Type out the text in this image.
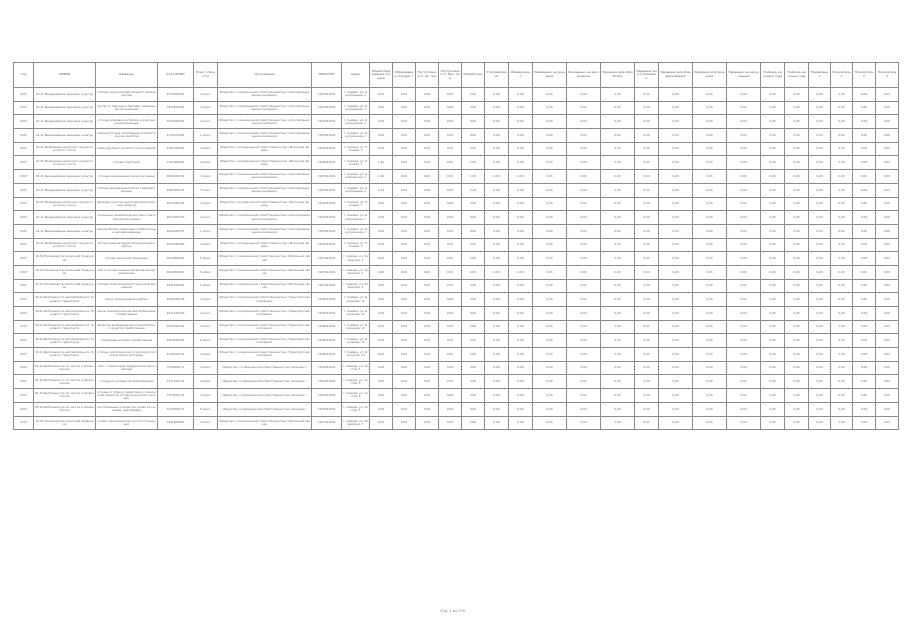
Год	ОКВЭД	Название	Код ОКТМО	Класс опасности	Организация	ИНН/ОГРН	Адрес	Объем образования отходов	Образование отходов, т	Поступление от др. лиц	Поступление от физ. лиц	Обработано	Утилизировано	Обезврежено	Размещено на хранение	Размещено на захоронение	Передано для обработки	Передано для утилизации	Передано для обезвреживания	Передано для хранения	Передано на захоронение	Наличие на начало года	Наличие на конец года	Примечание	Показатель 1	Показатель 2	Показатель 3
2017	01.11 Выращивание зерновых культур	отходы сельскохозяйственного производства	4715022001	4 класс	Общество с ограниченной ответственностью «Агропромышленная компания»	7415022001	г. Самара, ул. Центральная, 1	0,00	0,00	0,00	0,00	0,00	0,00	0,00	0,00	0,00	0,00	0,00	0,00	0,00	0,00	0,00	0,00	0,00	0,00	0,00	0,00
2017	01.11 Выращивание зерновых культур	мусор от офисных и бытовых помещений организаций	7420501001	4 класс	Общество с ограниченной ответственностью «Агропромышленная компания»	7415022001	г. Самара, ул. Центральная, 1	0,00	0,00	0,00	0,00	0,00	0,00	0,00	0,00	0,00	0,00	0,00	0,00	0,00	0,00	0,00	0,00	0,00	0,00	0,00	0,00
2017	01.11 Выращивание зерновых культур	отходы упаковки из бумаги и картона незагрязненные	7410910001	4 класс	Общество с ограниченной ответственностью «Агропромышленная компания»	7415022001	г. Самара, ул. Центральная, 1	0,00	0,00	0,00	0,00	0,00	0,00	0,00	0,00	0,00	0,00	0,00	0,00	0,00	0,00	0,00	0,00	0,00	0,00	0,00	0,00
2017	01.11 Выращивание зерновых культур	лампы ртутные утратившие потребительские свойства	4710101001	1 класс	Общество с ограниченной ответственностью «Агропромышленная компания»	7415022001	г. Самара, ул. Центральная, 1	0,00	0,00	0,00	0,00	0,00	0,00	0,00	0,00	0,00	0,00	0,00	0,00	0,00	0,00	0,00	0,00	0,00	0,00	0,00	0,00
2017	01.41 Разведение молочного крупного рогатого скота	навоз крупного рогатого скота свежий	1121100001	4 класс	Общество с ограниченной ответственностью «Молочная ферма»	7416022001	г. Самара, ул. Полевая, 7	0,00	0,00	0,00	0,00	0,00	0,00	0,00	0,00	0,00	0,00	0,00	0,00	0,00	0,00	0,00	0,00	0,00	0,00	0,00	0,00
2017	01.41 Разведение молочного крупного рогатого скота	отходы подстилки	1121300001	4 класс	Общество с ограниченной ответственностью «Молочная ферма»	7416022001	г. Самара, ул. Полевая, 7	1,20	0,00	0,00	0,00	1,20	0,00	0,00	0,00	0,00	0,00	0,00	0,00	0,00	0,00	0,00	0,00	0,00	0,00	0,00	0,00
2017	01.11 Выращивание зерновых культур	отходы минеральных масел моторных	4061100131	3 класс	Общество с ограниченной ответственностью «Агропромышленная компания»	7415022001	г. Самара, ул. Центральная, 1	1,20	0,00	0,00	0,00	1,20	0,00	0,00	0,00	0,00	0,00	0,00	0,00	0,00	0,00	0,00	0,00	0,00	0,00	0,00	0,00
2017	01.11 Выращивание зерновых культур	отходы минеральных масел трансмиссионных	4061500131	3 класс	Общество с ограниченной ответственностью «Агропромышленная компания»	7415022001	г. Самара, ул. Центральная, 1	0,16	0,00	0,00	0,00	0,16	0,00	0,00	0,00	0,00	0,00	0,00	0,00	0,00	0,00	0,00	0,00	0,00	0,00	0,00	0,00
2017	01.41 Разведение молочного крупного рогатого скота	фильтры очистки масла автотранспортных средств	9213020152	3 класс	Общество с ограниченной ответственностью «Молочная ферма»	7416022001	г. Самара, ул. Полевая, 7	0,00	0,00	0,00	0,00	0,00	0,00	0,00	0,00	0,00	0,00	0,00	0,00	0,00	0,00	0,00	0,00	0,00	0,00	0,00	0,00
2017	01.11 Выращивание зерновых культур	покрышки пневматических шин с металлическим кордом	9211300170	4 класс	Общество с ограниченной ответственностью «Агропромышленная компания»	7415022001	г. Самара, ул. Центральная, 1	0,00	0,00	0,00	0,00	0,00	0,00	0,00	0,00	0,00	0,00	0,00	0,00	0,00	0,00	0,00	0,00	0,00	0,00	0,00	0,00
2017	01.11 Выращивание зерновых культур	аккумуляторы свинцовые отработанные неповрежденные	9201100153	2 класс	Общество с ограниченной ответственностью «Агропромышленная компания»	7415022001	г. Самара, ул. Центральная, 1	0,00	0,00	0,00	0,00	0,00	0,00	0,00	0,00	0,00	0,00	0,00	0,00	0,00	0,00	0,00	0,00	0,00	0,00	0,00	0,00
2017	01.41 Разведение молочного крупного рогатого скота	обтирочный материал загрязненный нефтью	9192040460	4 класс	Общество с ограниченной ответственностью «Молочная ферма»	7416022001	г. Самара, ул. Полевая, 7	0,00	0,00	0,00	0,00	0,00	0,00	0,00	0,00	0,00	0,00	0,00	0,00	0,00	0,00	0,00	0,00	0,00	0,00	0,00	0,00
2017	10.51 Производство молочной продукции	отходы молочной продукции	3010000001	5 класс	Общество с ограниченной ответственностью «Молочный завод»	7417022001	г. Самара, ул. Заводская, 3	0,00	0,00	0,00	0,00	0,00	0,00	0,00	0,00	0,00	0,00	0,00	0,00	0,00	0,00	0,00	0,00	0,00	0,00	0,00	0,00
2017	10.51 Производство молочной продукции	лом и отходы черных металлов несортированные	4612000001	5 класс	Общество с ограниченной ответственностью «Молочный завод»	7417022001	г. Самара, ул. Заводская, 3	0,00	0,00	0,00	0,00	0,00	0,00	0,00	0,00	0,00	0,00	0,00	0,00	0,00	0,00	0,00	0,00	0,00	0,00	0,00	0,00
2017	10.51 Производство молочной продукции	отходы полиэтиленовой тары незагрязненной	4341100401	5 класс	Общество с ограниченной ответственностью «Молочный завод»	7417022001	г. Самара, ул. Заводская, 3	0,00	0,00	0,00	0,00	0,00	0,00	0,00	0,00	0,00	0,00	0,00	0,00	0,00	0,00	0,00	0,00	0,00	0,00	0,00	0,00
2017	49.41 Деятельность автомобильного грузового транспорта	песок загрязненный нефтью	9192010139	4 класс	Общество с ограниченной ответственностью «Транспортная компания»	7418022001	г. Самара, ул. Дорожная, 12	0,00	0,00	0,00	0,00	0,00	0,00	0,00	0,00	0,00	0,00	0,00	0,00	0,00	0,00	0,00	0,00	0,00	0,00	0,00	0,00
2017	49.41 Деятельность автомобильного грузового транспорта	шины пневматические автомобильные отработанные	9211100150	4 класс	Общество с ограниченной ответственностью «Транспортная компания»	7418022001	г. Самара, ул. Дорожная, 12	0,00	0,00	0,00	0,00	0,00	0,00	0,00	0,00	0,00	0,00	0,00	0,00	0,00	0,00	0,00	0,00	0,00	0,00	0,00	0,00
2017	49.41 Деятельность автомобильного грузового транспорта	фильтры воздушные автотранспортных средств отработанные	9213010152	4 класс	Общество с ограниченной ответственностью «Транспортная компания»	7418022001	г. Самара, ул. Дорожная, 12	0,00	0,00	0,00	0,00	0,00	0,00	0,00	0,00	0,00	0,00	0,00	0,00	0,00	0,00	0,00	0,00	0,00	0,00	0,00	0,00
2017	49.41 Деятельность автомобильного грузового транспорта	тормозные колодки отработанные	9203100152	5 класс	Общество с ограниченной ответственностью «Транспортная компания»	7418022001	г. Самара, ул. Дорожная, 12	0,00	0,00	0,00	0,00	0,00	0,00	0,00	0,00	0,00	0,00	0,00	0,00	0,00	0,00	0,00	0,00	0,00	0,00	0,00	0,00
2017	49.41 Деятельность автомобильного грузового транспорта	отходы синтетических и полусинтетических масел моторных	4132100131	3 класс	Общество с ограниченной ответственностью «Транспортная компания»	7418022001	г. Самара, ул. Дорожная, 12	0,00	0,00	0,00	0,00	0,00	0,00	0,00	0,00	0,00	0,00	0,00	0,00	0,00	0,00	0,00	0,00	0,00	0,00	0,00	0,00
2017	81.29 Деятельность по чистке и уборке прочая	смет с территории предприятия малоопасный	7339000171	4 класс	Общество с ограниченной ответственностью «Клининг»	7419022001	г. Самара, ул. Чистая, 5	0,00	0,00	0,00	0,00	0,00	0,00	0,00	0,00	0,00	0,00	0,00	0,00	0,00	0,00	0,00	0,00	0,00	0,00	0,00	0,00
2017	81.29 Деятельность по чистке и уборке прочая	отходы из жилищ несортированные	7311100172	4 класс	Общество с ограниченной ответственностью «Клининг»	7419022001	г. Самара, ул. Чистая, 5	0,00	0,00	0,00	0,00	0,00	0,00	0,00	0,00	0,00	0,00	0,00	0,00	0,00	0,00	0,00	0,00	0,00	0,00	0,00	0,00
2017	81.29 Деятельность по чистке и уборке прочая	отходы от уборки территории и помещений объектов оптово-розничной торговли	7372100172	4 класс	Общество с ограниченной ответственностью «Клининг»	7419022001	г. Самара, ул. Чистая, 5	0,00	0,00	0,00	0,00	0,00	0,00	0,00	0,00	0,00	0,00	0,00	0,00	0,00	0,00	0,00	0,00	0,00	0,00	0,00	0,00
2017	81.29 Деятельность по чистке и уборке прочая	растительные отходы при уходе за газонами, цветниками	7313000171	5 класс	Общество с ограниченной ответственностью «Клининг»	7419022001	г. Самара, ул. Чистая, 5	0,00	0,00	0,00	0,00	0,00	0,00	0,00	0,00	0,00	0,00	0,00	0,00	0,00	0,00	0,00	0,00	0,00	0,00	0,00	0,00
2017	10.51 Производство молочной продукции	осадок механической очистки сточных вод	7221000001	4 класс	Общество с ограниченной ответственностью «Молочный завод»	7417022001	г. Самара, ул. Заводская, 3	0,00	0,00	0,00	0,00	0,00	0,00	0,00	0,00	0,00	0,00	0,00	0,00	0,00	0,00	0,00	0,00	0,00	0,00	0,00	0,00
Стр. 1 из 178
